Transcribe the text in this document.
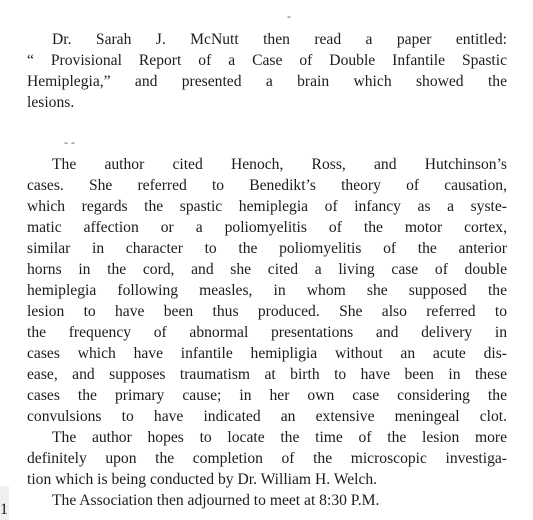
-
- -
Dr. Sarah J. McNutt then read a paper entitled:
“ Provisional Report of a Case of Double Infantile Spastic
Hemiplegia,” and presented a brain which showed the
lesions.
The author cited Henoch, Ross, and Hutchinson’s
cases. She referred to Benedikt’s theory of causation,
which regards the spastic hemiplegia of infancy as a syste-
matic affection or a poliomyelitis of the motor cortex,
similar in character to the poliomyelitis of the anterior
horns in the cord, and she cited a living case of double
hemiplegia following measles, in whom she supposed the
lesion to have been thus produced. She also referred to
the frequency of abnormal presentations and delivery in
cases which have infantile hemipligia without an acute dis-
ease, and supposes traumatism at birth to have been in these
cases the primary cause; in her own case considering the
convulsions to have indicated an extensive meningeal clot.
The author hopes to locate the time of the lesion more
definitely upon the completion of the microscopic investiga-
tion which is being conducted by Dr. William H. Welch.
The Association then adjourned to meet at 8:30 P.M.
1
